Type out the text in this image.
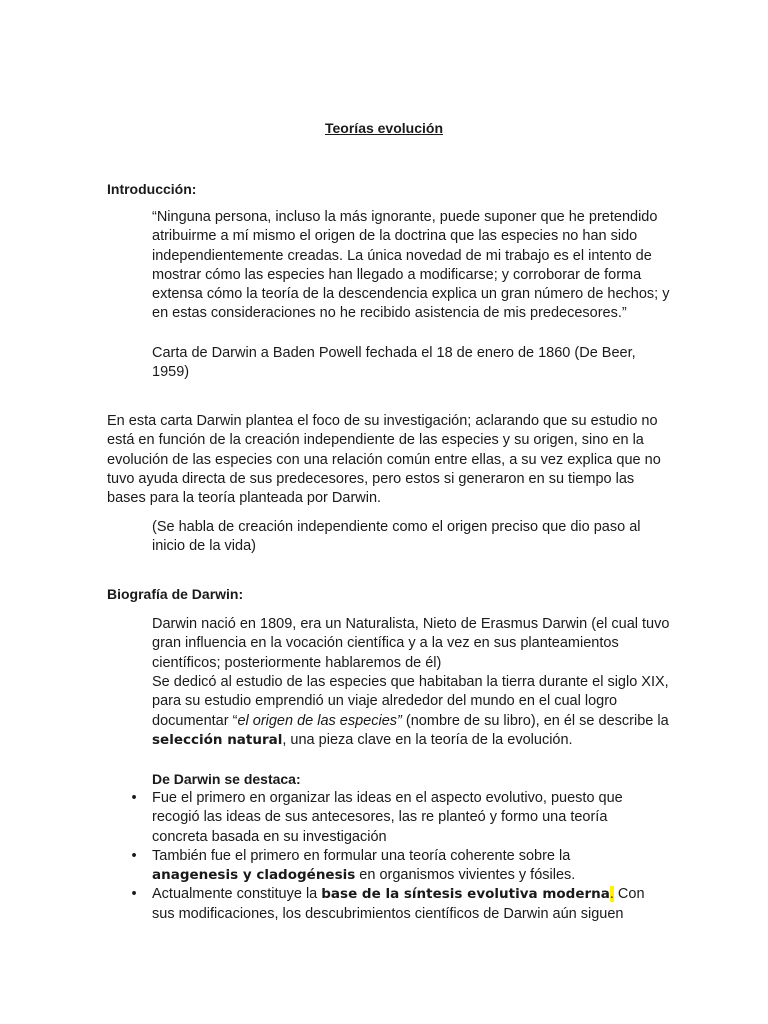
Teorías evolución
Introducción:

“Ninguna persona, incluso la más ignorante, puede suponer que he pretendido atribuirme a mí mismo el origen de la doctrina que las especies no han sido independientemente creadas. La única novedad de mi trabajo es el intento de mostrar cómo las especies han llegado a modificarse; y corroborar de forma extensa cómo la teoría de la descendencia explica un gran número de hechos; y en estas consideraciones no he recibido asistencia de mis predecesores.”

Carta de Darwin a Baden Powell fechada el 18 de enero de 1860 (De Beer, 1959)

En esta carta Darwin plantea el foco de su investigación; aclarando que su estudio no está en función de la creación independiente de las especies y su origen, sino en la evolución de las especies con una relación común entre ellas, a su vez explica que no tuvo ayuda directa de sus predecesores, pero estos si generaron en su tiempo las bases para la teoría planteada por Darwin.

(Se habla de creación independiente como el origen preciso que dio paso al inicio de la vida)

Biografía de Darwin:

Darwin nació en 1809, era un Naturalista, Nieto de Erasmus Darwin (el cual tuvo gran influencia en la vocación científica y a la vez en sus planteamientos científicos; posteriormente hablaremos de él)

Se dedicó al estudio de las especies que habitaban la tierra durante el siglo XIX, para su estudio emprendió un viaje alrededor del mundo en el cual logro documentar “el origen de las especies” (nombre de su libro), en él se describe la selección natural, una pieza clave en la teoría de la evolución.

De Darwin se destaca:
• Fue el primero en organizar las ideas en el aspecto evolutivo, puesto que recogió las ideas de sus antecesores, las re planteó y formo una teoría concreta basada en su investigación
• También fue el primero en formular una teoría coherente sobre la anagenesis y cladogénesis en organismos vivientes y fósiles.
• Actualmente constituye la base de la síntesis evolutiva moderna. Con sus modificaciones, los descubrimientos científicos de Darwin aún siguen
